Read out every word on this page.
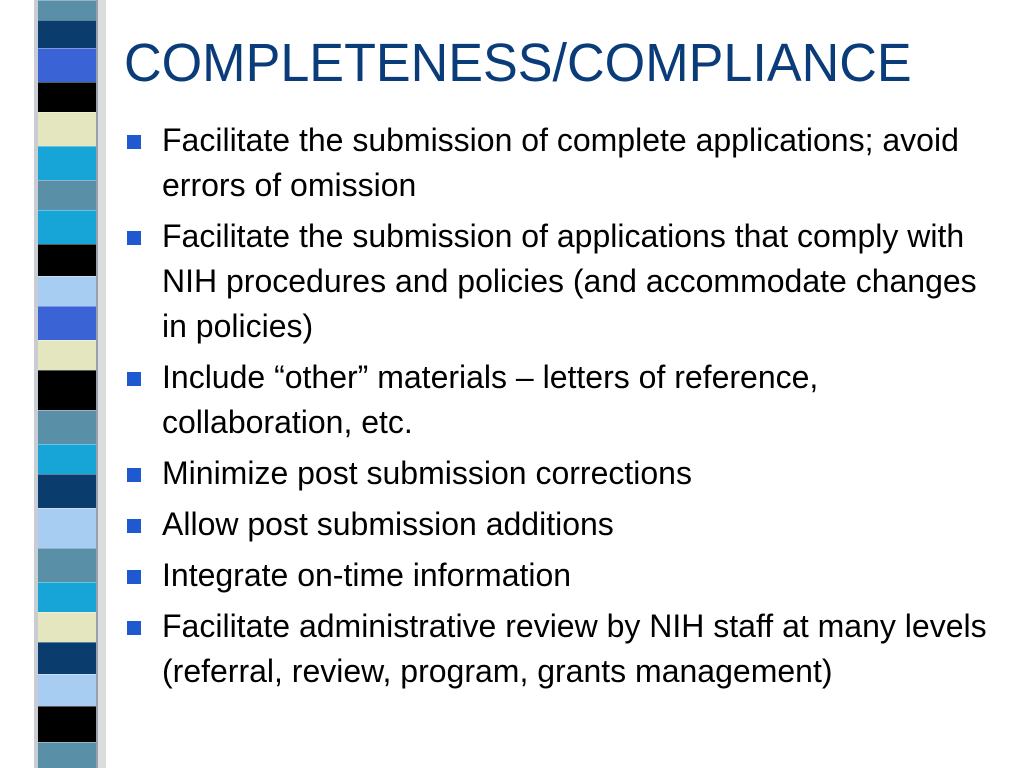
COMPLETENESS/COMPLIANCE
Facilitate the submission of complete applications; avoid errors of omission
Facilitate the submission of applications that comply with NIH procedures and policies (and accommodate changes in policies)
Include “other” materials – letters of reference, collaboration, etc.
Minimize post submission corrections
Allow post submission additions
Integrate on-time information
Facilitate administrative review by NIH staff at many levels (referral, review, program, grants management)
